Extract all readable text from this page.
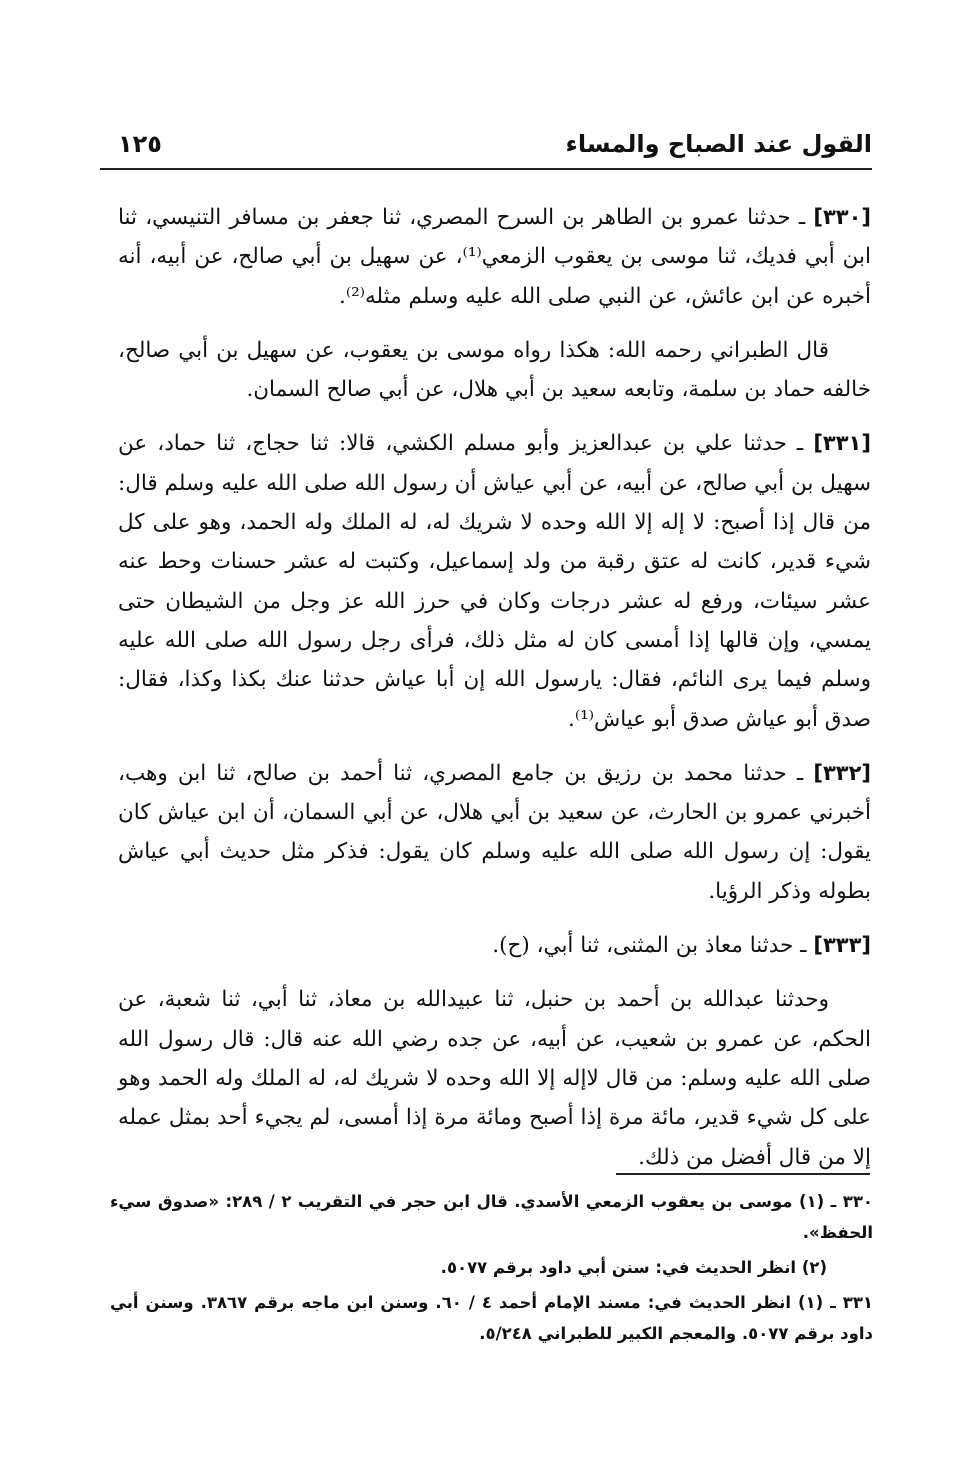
القول عند الصباح والمساء
١٢٥

[٣٣٠] ـ حدثنا عمرو بن الطاهر بن السرح المصري، ثنا جعفر بن مسافر التنيسي، ثنا ابن أبي فديك، ثنا موسى بن يعقوب الزمعي⁽¹⁾، عن سهيل بن أبي صالح، عن أبيه، أنه أخبره عن ابن عائش، عن النبي صلى الله عليه وسلم مثله⁽²⁾.

قال الطبراني رحمه الله: هكذا رواه موسى بن يعقوب، عن سهيل بن أبي صالح، خالفه حماد بن سلمة، وتابعه سعيد بن أبي هلال، عن أبي صالح السمان.

[٣٣١] ـ حدثنا علي بن عبدالعزيز وأبو مسلم الكشي، قالا: ثنا حجاج، ثنا حماد، عن سهيل بن أبي صالح، عن أبيه، عن أبي عياش أن رسول الله صلى الله عليه وسلم قال: من قال إذا أصبح: لا إله إلا الله وحده لا شريك له، له الملك وله الحمد، وهو على كل شيء قدير، كانت له عتق رقبة من ولد إسماعيل، وكتبت له عشر حسنات وحط عنه عشر سيئات، ورفع له عشر درجات وكان في حرز الله عز وجل من الشيطان حتى يمسي، وإن قالها إذا أمسى كان له مثل ذلك، فرأى رجل رسول الله صلى الله عليه وسلم فيما يرى النائم، فقال: يارسول الله إن أبا عياش حدثنا عنك بكذا وكذا، فقال: صدق أبو عياش صدق أبو عياش⁽¹⁾.

[٣٣٢] ـ حدثنا محمد بن رزيق بن جامع المصري، ثنا أحمد بن صالح، ثنا ابن وهب، أخبرني عمرو بن الحارث، عن سعيد بن أبي هلال، عن أبي السمان، أن ابن عياش كان يقول: إن رسول الله صلى الله عليه وسلم كان يقول: فذكر مثل حديث أبي عياش بطوله وذكر الرؤيا.

[٣٣٣] ـ حدثنا معاذ بن المثنى، ثنا أبي، (ح).

وحدثنا عبدالله بن أحمد بن حنبل، ثنا عبيدالله بن معاذ، ثنا أبي، ثنا شعبة، عن الحكم، عن عمرو بن شعيب، عن أبيه، عن جده رضي الله عنه قال: قال رسول الله صلى الله عليه وسلم: من قال لاإله إلا الله وحده لا شريك له، له الملك وله الحمد وهو على كل شيء قدير، مائة مرة إذا أصبح ومائة مرة إذا أمسى، لم يجيء أحد بمثل عمله إلا من قال أفضل من ذلك.

٣٣٠ ـ (١) موسى بن يعقوب الزمعي الأسدي. قال ابن حجر في التقريب ٢ / ٢٨٩: «صدوق سيء الحفظ».

(٢) انظر الحديث في: سنن أبي داود برقم ٥٠٧٧.

٣٣١ ـ (١) انظر الحديث في: مسند الإمام أحمد ٤ / ٦٠. وسنن ابن ماجه برقم ٣٨٦٧. وسنن أبي داود برقم ٥٠٧٧. والمعجم الكبير للطبراني ٥/٢٤٨.
